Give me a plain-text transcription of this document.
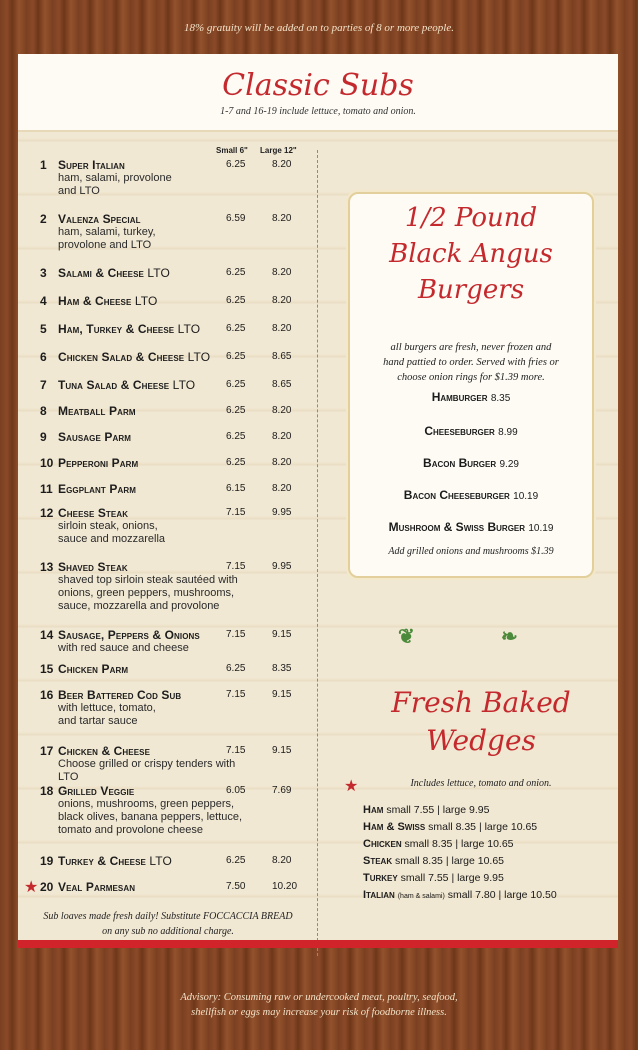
18% gratuity will be added on to parties of 8 or more people.
Classic Subs
1-7 and 16-19 include lettuce, tomato and onion.
Small 6" Large 12"
1 Super Italian
ham, salami, provolone
and LTO
6.25	8.20
2 Valenza Special
ham, salami, turkey,
provolone and LTO
6.59	8.20
3 Salami & Cheese LTO	6.25	8.20
4 Ham & Cheese LTO	6.25	8.20
5 Ham, Turkey & Cheese LTO	6.25	8.20
6 Chicken Salad & Cheese LTO 6.25	8.65
7 Tuna Salad & Cheese LTO	6.25	8.65
8 Meatball Parm	6.25	8.20
9 Sausage Parm	6.25	8.20
10 Pepperoni Parm	6.25	8.20
11 Eggplant Parm	6.15	8.20
12 Cheese Steak
sirloin steak, onions,
sauce and mozzarella
7.15	9.95
13 Shaved Steak
shaved top sirloin steak sautéed with
onions, green peppers, mushrooms,
sauce, mozzarella and provolone
7.15	9.95
14 Sausage, Peppers & Onions
with red sauce and cheese
7.15	9.15
15 Chicken Parm	6.25	8.35
16 Beer Battered Cod Sub
with lettuce, tomato,
and tartar sauce
7.15	9.15
17 Chicken & Cheese
Choose grilled or crispy tenders with LTO
7.15	9.15
18 Grilled Veggie
onions, mushrooms, green peppers,
black olives, banana peppers, lettuce,
tomato and provolone cheese
6.05	7.69
19 Turkey & Cheese LTO	6.25	8.20
20 Veal Parmesan	7.50	10.20
★
1/2 Pound
Black Angus
Burgers
all burgers are fresh, never frozen and
hand pattied to order. Served with fries or
choose onion rings for $1.39 more.
Hamburger 8.35
Cheeseburger 8.99
Bacon Burger 9.29
Bacon Cheeseburger 10.19
Mushroom & Swiss Burger 10.19
Add grilled onions and mushrooms $1.39
❦	❧
Fresh Baked
Wedges
★	Includes lettuce, tomato and onion.
Ham small 7.55 | large 9.95
Ham & Swiss small 8.35 | large 10.65
Chicken small 8.35 | large 10.65
Steak small 8.35 | large 10.65
Turkey small 7.55 | large 9.95
Italian (ham & salami) small 7.80 | large 10.50
Sub loaves made fresh daily! Substitute FOCCACCIA BREAD
on any sub no additional charge.
Advisory: Consuming raw or undercooked meat, poultry, seafood,
shellfish or eggs may increase your risk of foodborne illness.
